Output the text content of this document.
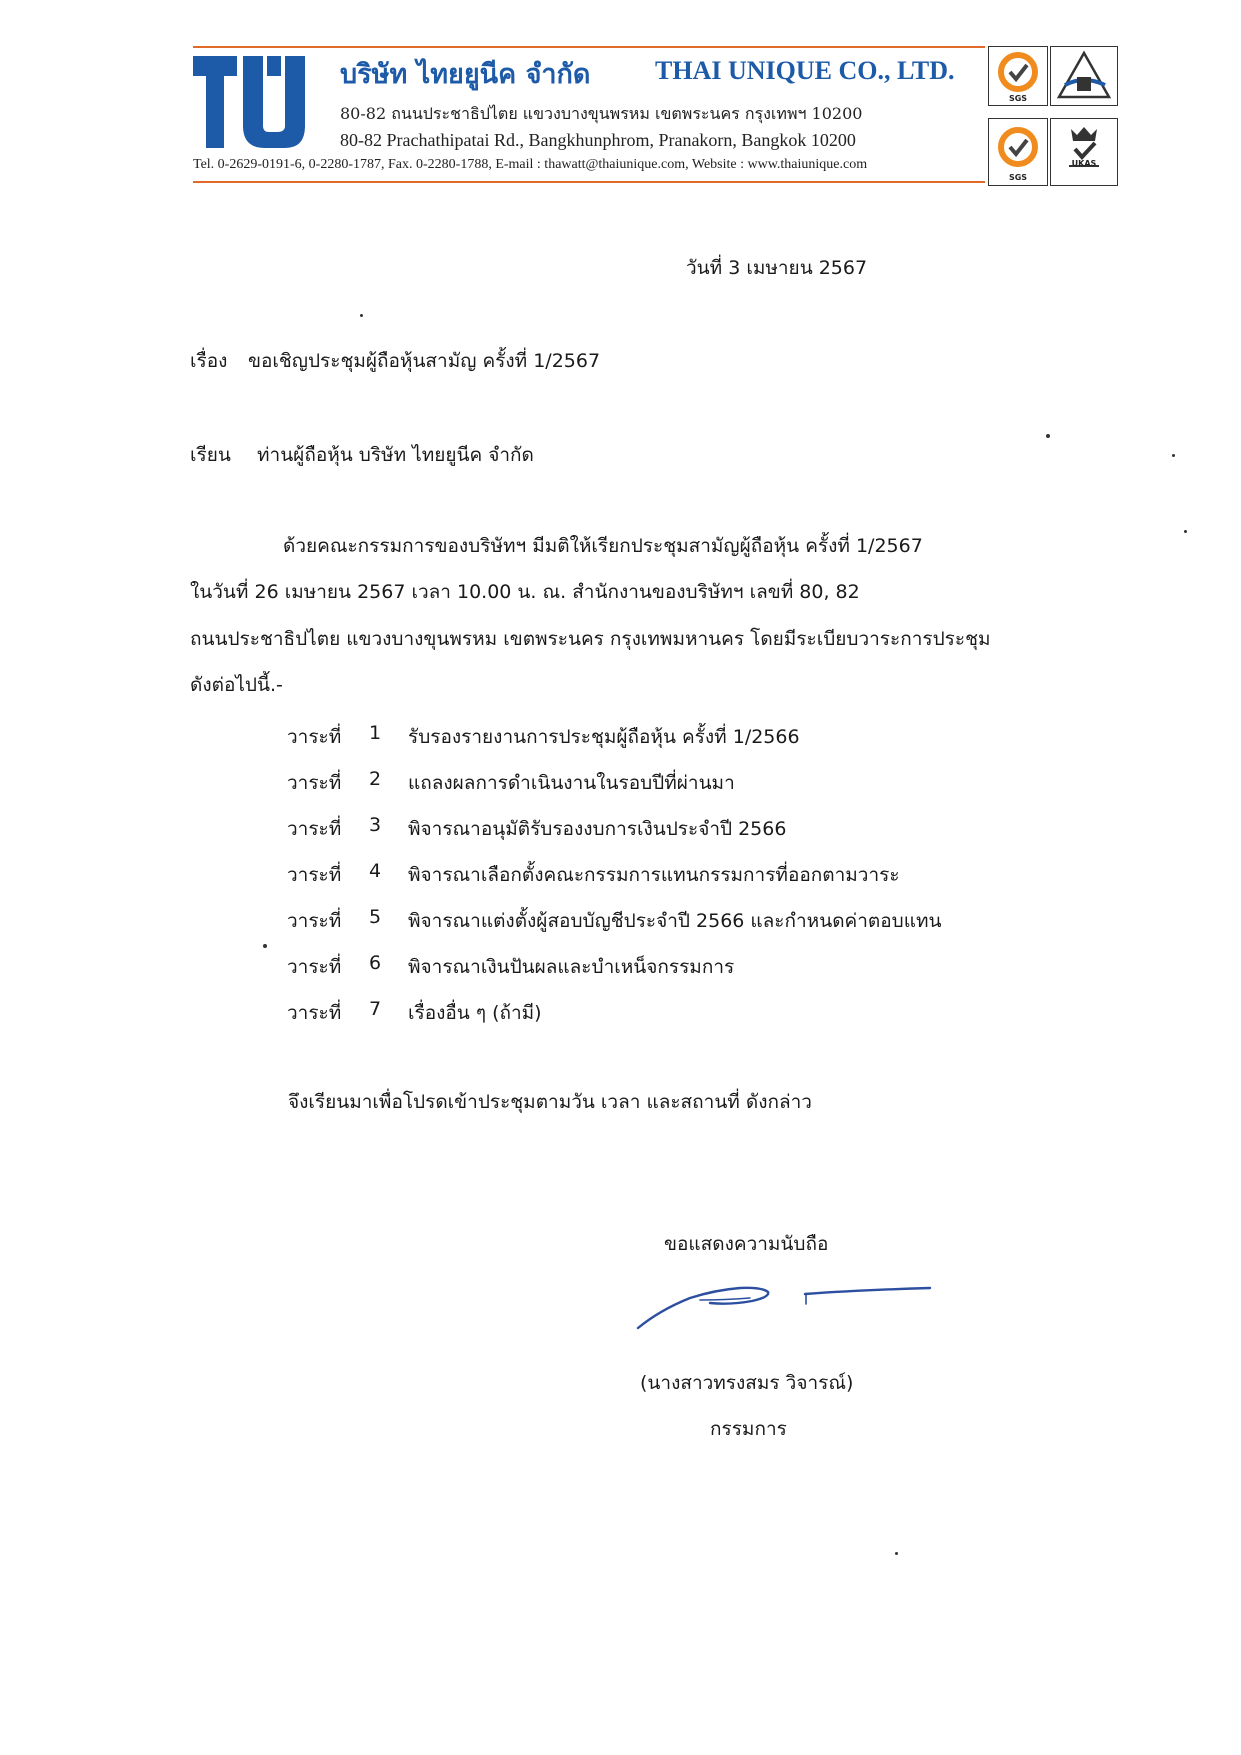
บริษัท ไทยยูนีค จำกัด THAI UNIQUE CO., LTD.
80-82 ถนนประชาธิปไตย แขวงบางขุนพรหม เขตพระนคร กรุงเทพฯ 10200
80-82 Prachathipatai Rd., Bangkhunphrom, Pranakorn, Bangkok 10200
Tel. 0-2629-0191-6, 0-2280-1787, Fax. 0-2280-1788, E-mail : thawatt@thaiunique.com, Website : www.thaiunique.com
SGS
SGS
UKAS
วันที่ 3 เมษายน 2567
เรื่อง ขอเชิญประชุมผู้ถือหุ้นสามัญ ครั้งที่ 1/2567
เรียน ท่านผู้ถือหุ้น บริษัท ไทยยูนีค จำกัด
ด้วยคณะกรรมการของบริษัทฯ มีมติให้เรียกประชุมสามัญผู้ถือหุ้น ครั้งที่ 1/2567
ในวันที่ 26 เมษายน 2567 เวลา 10.00 น. ณ. สำนักงานของบริษัทฯ เลขที่ 80, 82
ถนนประชาธิปไตย แขวงบางขุนพรหม เขตพระนคร กรุงเทพมหานคร โดยมีระเบียบวาระการประชุม
ดังต่อไปนี้.-
วาระที่ 1 รับรองรายงานการประชุมผู้ถือหุ้น ครั้งที่ 1/2566
วาระที่ 2 แถลงผลการดำเนินงานในรอบปีที่ผ่านมา
วาระที่ 3 พิจารณาอนุมัติรับรองงบการเงินประจำปี 2566
วาระที่ 4 พิจารณาเลือกตั้งคณะกรรมการแทนกรรมการที่ออกตามวาระ
วาระที่ 5 พิจารณาแต่งตั้งผู้สอบบัญชีประจำปี 2566 และกำหนดค่าตอบแทน
วาระที่ 6 พิจารณาเงินปันผลและบำเหน็จกรรมการ
วาระที่ 7 เรื่องอื่น ๆ (ถ้ามี)
จึงเรียนมาเพื่อโปรดเข้าประชุมตามวัน เวลา และสถานที่ ดังกล่าว
ขอแสดงความนับถือ
(นางสาวทรงสมร วิจารณ์)
กรรมการ
